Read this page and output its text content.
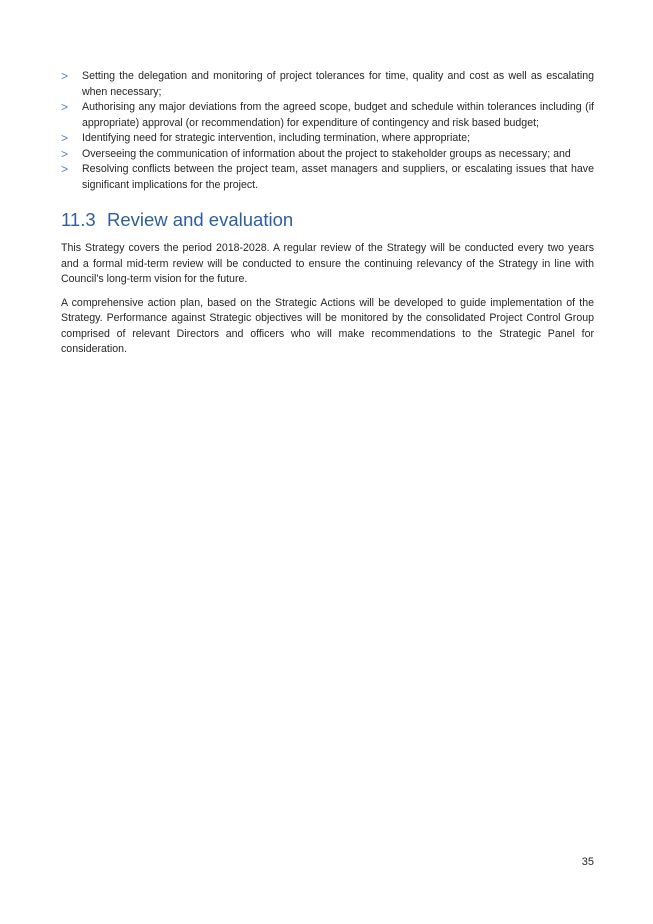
> Setting the delegation and monitoring of project tolerances for time, quality and cost as well as escalating when necessary;
> Authorising any major deviations from the agreed scope, budget and schedule within tolerances including (if appropriate) approval (or recommendation) for expenditure of contingency and risk based budget;
> Identifying need for strategic intervention, including termination, where appropriate;
> Overseeing the communication of information about the project to stakeholder groups as necessary; and
> Resolving conflicts between the project team, asset managers and suppliers, or escalating issues that have significant implications for the project.
11.3 Review and evaluation

This Strategy covers the period 2018-2028. A regular review of the Strategy will be conducted every two years and a formal mid-term review will be conducted to ensure the continuing relevancy of the Strategy in line with Council's long-term vision for the future.

A comprehensive action plan, based on the Strategic Actions will be developed to guide implementation of the Strategy. Performance against Strategic objectives will be monitored by the consolidated Project Control Group comprised of relevant Directors and officers who will make recommendations to the Strategic Panel for consideration.

35
